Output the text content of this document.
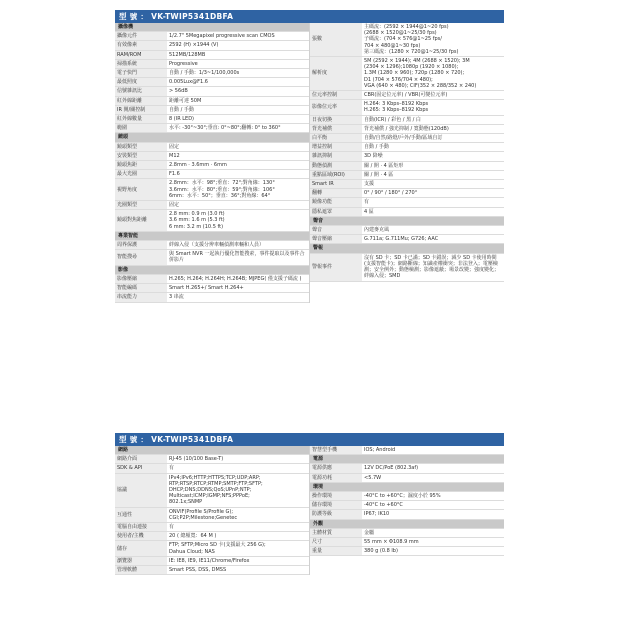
型 號 ： VK-TWIP5341DBFA
攝像機	
攝像元件	1/2.7" 5Megapixel progressive scan CMOS
有效像素	2592 (H) ×1944 (V)
RAM/ROM	512MB/128MB
掃描系統	Progressive
電子快門	自動 / 手動：1/3~1/100,000s
最低照度	0.005Lux@F1.6
信號雜訊比	> 56dB
紅外線距離	距離可達 50M
IR 開/關控制	自動 / 手動
紅外線數量	8 (IR LED)
範圍	水平: -30°~30°;垂直: 0°~80°;翻轉: 0° to 360°
鏡頭	
鏡頭類型	固定
安裝類型	M12
鏡頭焦距	2.8mm · 3.6mm · 6mm
最大光圈	F1.6
視野角度	2.8mm：水平：98°;垂直：72°;對角線：130°
3.6mm：水平：80°;垂直：59°;對角線：106°
6mm：水平：50°；垂直：36°;對角線：64°
光圈類型	固定
鏡頭對焦距離	2.8 mm: 0.9 m (3.0 ft)
3.6 mm: 1.6 m (5.3 ft)
6 mm: 3.2 m (10.5 ft)
專業智能	
周界保護	絆線入侵（支援分辨車輛偵測車輛和人員）
智能搜尋	與 Smart NVR 一起執行優化智能搜索，事件提取以及事件合併影片
影像	
影像壓縮	H.265; H.264; H.264H; H.264B; MJPEG( 僅支援子碼流 )
智能編碼	Smart H.265+/ Smart H.264+
串流能力	3 串流
張數	主碼流：(2592 × 1944@1~20 fps)
(2688 × 1520@1~25/30 fps)
子碼流：(704 × 576@1~25 fps/
704 × 480@1~30 fps)
第三碼流：(1280 × 720@1~25/30 fps)
解析度	5M (2592 × 1944); 4M (2688 × 1520); 3M
(2304 × 1296);1080p (1920 × 1080);
1.3M (1280 × 960); 720p (1280 × 720);
D1 (704 × 576/704 × 480);
VGA (640 × 480); CIF(352 × 288/352 × 240)
位元率控制	CBR(固定位元率) / VBR(可變位元率)
影像位元率	H.264: 3 Kbps–8192 Kbps
H.265: 3 Kbps–8192 Kbps
日夜切換	自動(ICR) / 彩色 / 黑 / 白
背光補償	背光補償 / 強光抑制 / 寬動態(120dB)
白平衡	自動/自然/路燈/戶外/手動/區域自訂
增益控制	自動 / 手動
雜訊抑制	3D 降噪
動態偵測	關 / 開 · 4 區矩形
重點區域(ROI)	關 / 開 · 4 區
Smart IR	支援
翻轉	0° / 90° / 180° / 270°
鏡像功能	有
隱私遮罩	4 區
聲音	
聲音	內建麥克風
聲音壓縮	G.711a; G.711Mu; G726; AAC
警報	
警報事件	沒有 SD 卡；SD 卡已滿；SD 卡錯誤；減少 SD 卡使用時間(支援智能卡)；網路斷線；知識產權衝突；非法登入；電壓檢測；安全例外；動態檢測；影像遮蔽；場景改變；強度變化；絆線入侵；SMD
型 號 ： VK-TWIP5341DBFA
網路	
網路介面	RJ-45 (10/100 Base-T)
SDK & API	有
協議	IPv4;IPv6;HTTP;HTTPS;TCP;UDP;ARP;
RTP;RTSP;RTCP;RTMP;SMTP;FTP;SFTP;
DHCP;DNS;DDNS;QoS;UPnP;NTP;
Multicast;ICMP;IGMP;NFS;PPPoE;
802.1x;SNMP
互通性	ONVIF(Profile S/Profile G);
CGI;P2P;Milestone;Genetec
電腦自由連接	有
使用者/主機	20 ( 總頻寬：64 M )
儲存	FTP; SFTP;Micro SD 卡(支援最大 256 G);
Dahua Cloud; NAS
瀏覽器	IE: IE8, IE9, IE11/Chrome/Firefox
管理軟體	Smart PSS, DSS, DMSS
智慧型手機	IOS; Android
電源	
電源供應	12V DC/PoE (802.3af)
電源功耗	<5.7W
環境	
操作環境	-40°C to +60°C；濕度小於 95%
儲存環境	-40°C to +60°C
防護等級	IP67; IK10
外觀	
主體材質	金屬
尺寸	55 mm × Φ108.9 mm
重量	380 g (0.8 lb)
